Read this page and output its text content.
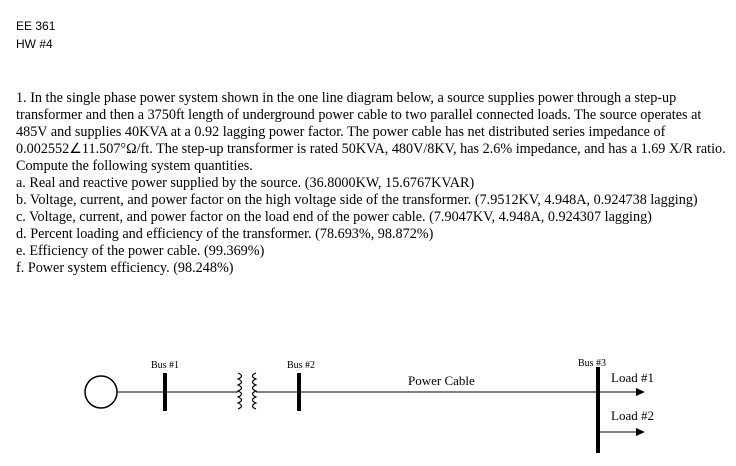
EE 361
HW #4

1. In the single phase power system shown in the one line diagram below, a source supplies power through a step-up transformer and then a 3750ft length of underground power cable to two parallel connected loads. The source operates at 485V and supplies 40KVA at a 0.92 lagging power factor. The power cable has net distributed series impedance of 0.002552∠11.507°Ω/ft. The step-up transformer is rated 50KVA, 480V/8KV, has 2.6% impedance, and has a 1.69 X/R ratio. Compute the following system quantities.

a. Real and reactive power supplied by the source. (36.8000KW, 15.6767KVAR)

b. Voltage, current, and power factor on the high voltage side of the transformer. (7.9512KV, 4.948A, 0.924738 lagging)

c. Voltage, current, and power factor on the load end of the power cable. (7.9047KV, 4.948A, 0.924307 lagging)

d. Percent loading and efficiency of the transformer. (78.693%, 98.872%)

e. Efficiency of the power cable. (99.369%)

f. Power system efficiency. (98.248%)

Bus #1	Bus #2
Power Cable
Bus #3
Load #1
Load #2
